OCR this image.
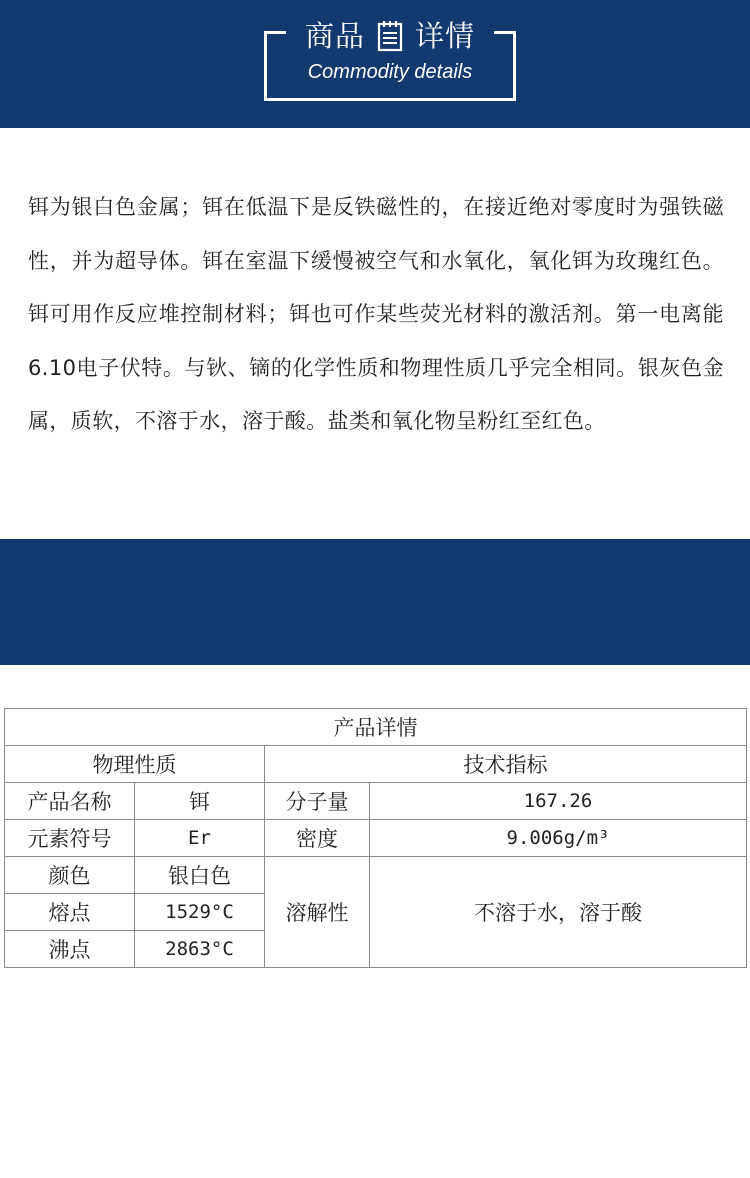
商品 详情
Commodity details
铒为银白色金属；铒在低温下是反铁磁性的，在接近绝对零度时为强铁磁性，并为超导体。铒在室温下缓慢被空气和水氧化，氧化铒为玫瑰红色。铒可用作反应堆控制材料；铒也可作某些荧光材料的激活剂。第一电离能6.10电子伏特。与钬、镝的化学性质和物理性质几乎完全相同。银灰色金属，质软，不溶于水，溶于酸。盐类和氧化物呈粉红至红色。
化学 成分
Chemical composition
产品详情			
物理性质		技术指标	
产品名称	铒	分子量	167.26
元素符号	Er	密度	9.006g/m³
颜色	银白色	溶解性	不溶于水，溶于酸
熔点	1529°C		
沸点	2863°C		
